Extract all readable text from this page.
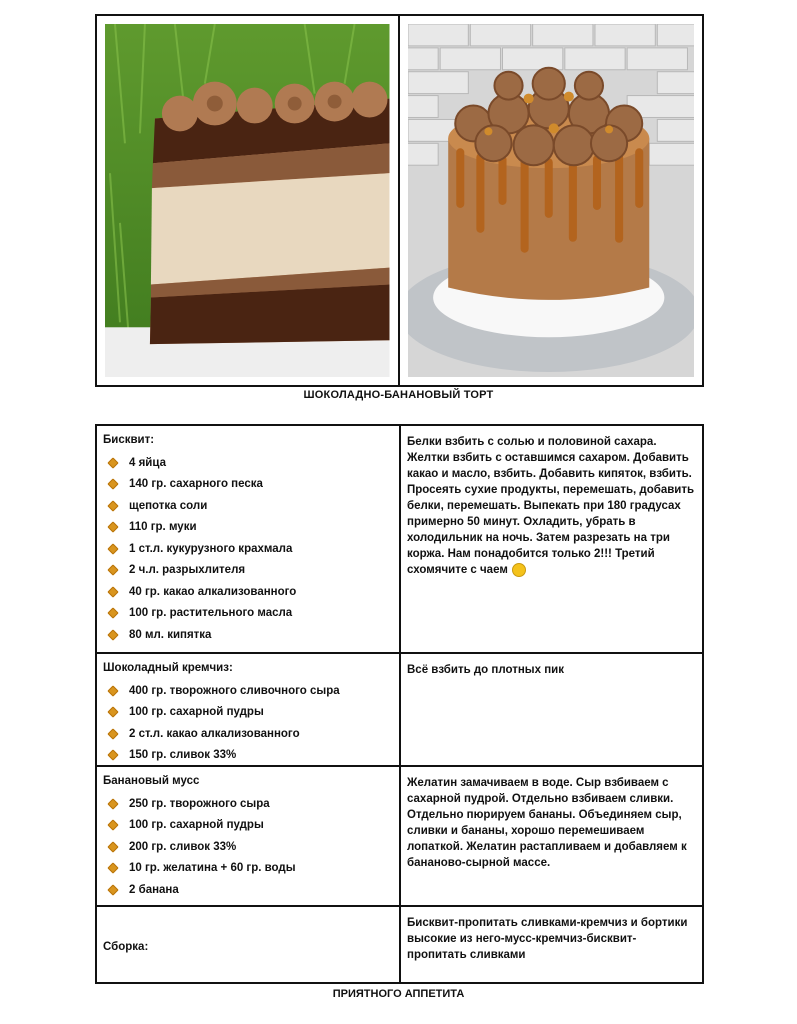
ШОКОЛАДНО-БАНАНОВЫЙ ТОРТ
Бисквит:
4 яйца
140 гр. сахарного песка
щепотка соли
110 гр. муки
1 ст.л. кукурузного крахмала
2 ч.л. разрыхлителя
40 гр. какао алкализованного
100 гр. растительного масла
80 мл. кипятка
Белки взбить с солью и половиной сахара. Желтки взбить с оставшимся сахаром. Добавить какао и масло, взбить. Добавить кипяток, взбить. Просеять сухие продукты, перемешать, добавить белки, перемешать. Выпекать при 180 градусах примерно 50 минут. Охладить, убрать в холодильник на ночь. Затем разрезать на три коржа. Нам понадобится только 2!!! Третий схомячите с чаем
Шоколадный кремчиз:
400 гр. творожного сливочного сыра
100 гр. сахарной пудры
2 ст.л. какао алкализованного
150 гр. сливок 33%
Всё взбить до плотных пик
Банановый мусс
250 гр. творожного сыра
100 гр. сахарной пудры
200 гр. сливок 33%
10 гр. желатина + 60 гр. воды
2 банана
Желатин замачиваем в воде. Сыр взбиваем с сахарной пудрой. Отдельно взбиваем сливки. Отдельно пюрируем бананы. Объединяем сыр, сливки и бананы, хорошо перемешиваем лопаткой. Желатин растапливаем и добавляем к бананово-сырной массе.
Сборка:
Бисквит-пропитать сливками-кремчиз и бортики высокие из него-мусс-кремчиз-бисквит-пропитать сливками
ПРИЯТНОГО АППЕТИТА
